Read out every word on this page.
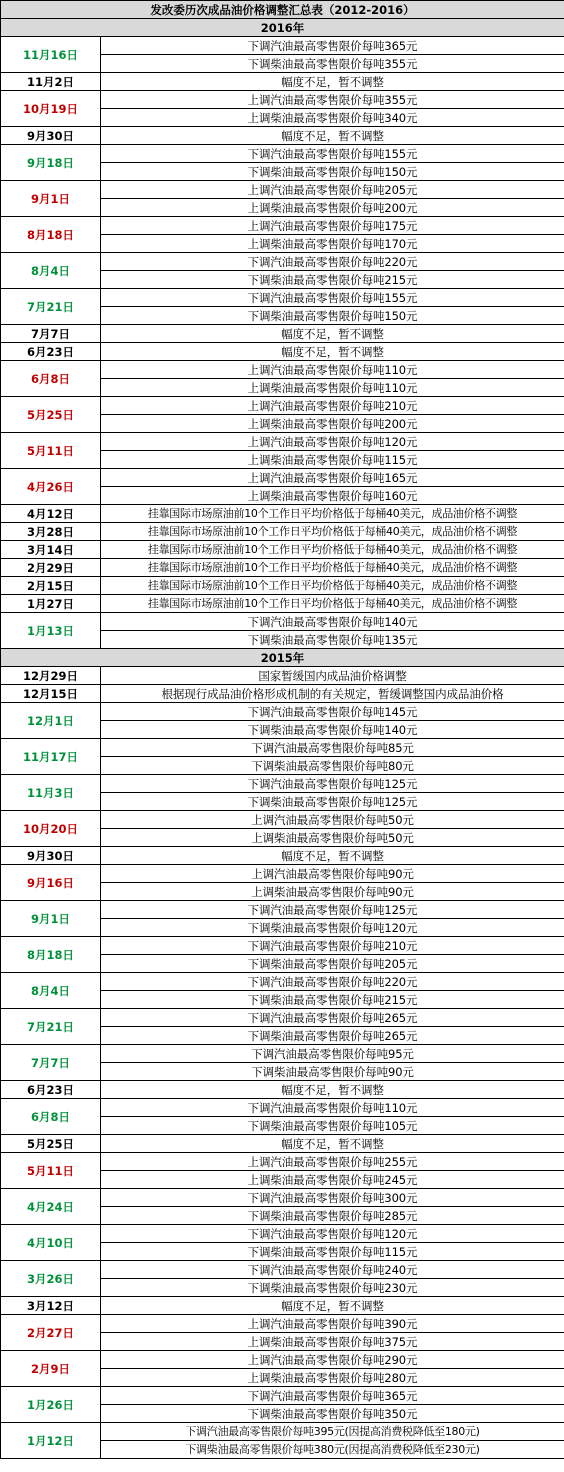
发改委历次成品油价格调整汇总表（2012-2016）	
2016年	
11月16日	下调汽油最高零售限价每吨365元
	下调柴油最高零售限价每吨355元
11月2日	幅度不足，暂不调整
10月19日	上调汽油最高零售限价每吨355元
	上调柴油最高零售限价每吨340元
9月30日	幅度不足，暂不调整
9月18日	下调汽油最高零售限价每吨155元
	下调柴油最高零售限价每吨150元
9月1日	上调汽油最高零售限价每吨205元
	上调柴油最高零售限价每吨200元
8月18日	上调汽油最高零售限价每吨175元
	上调柴油最高零售限价每吨170元
8月4日	下调汽油最高零售限价每吨220元
	下调柴油最高零售限价每吨215元
7月21日	下调汽油最高零售限价每吨155元
	下调柴油最高零售限价每吨150元
7月7日	幅度不足，暂不调整
6月23日	幅度不足，暂不调整
6月8日	上调汽油最高零售限价每吨110元
	上调柴油最高零售限价每吨110元
5月25日	上调汽油最高零售限价每吨210元
	上调柴油最高零售限价每吨200元
5月11日	上调汽油最高零售限价每吨120元
	上调柴油最高零售限价每吨115元
4月26日	上调汽油最高零售限价每吨165元
	上调柴油最高零售限价每吨160元
4月12日	挂靠国际市场原油前10个工作日平均价格低于每桶40美元，成品油价格不调整
3月28日	挂靠国际市场原油前10个工作日平均价格低于每桶40美元，成品油价格不调整
3月14日	挂靠国际市场原油前10个工作日平均价格低于每桶40美元，成品油价格不调整
2月29日	挂靠国际市场原油前10个工作日平均价格低于每桶40美元，成品油价格不调整
2月15日	挂靠国际市场原油前10个工作日平均价格低于每桶40美元，成品油价格不调整
1月27日	挂靠国际市场原油前10个工作日平均价格低于每桶40美元，成品油价格不调整
1月13日	下调汽油最高零售限价每吨140元
	下调柴油最高零售限价每吨135元
2015年	
12月29日	国家暂缓国内成品油价格调整
12月15日	根据现行成品油价格形成机制的有关规定，暂缓调整国内成品油价格
12月1日	下调汽油最高零售限价每吨145元
	下调柴油最高零售限价每吨140元
11月17日	下调汽油最高零售限价每吨85元
	下调柴油最高零售限价每吨80元
11月3日	下调汽油最高零售限价每吨125元
	下调柴油最高零售限价每吨125元
10月20日	上调汽油最高零售限价每吨50元
	上调柴油最高零售限价每吨50元
9月30日	幅度不足，暂不调整
9月16日	上调汽油最高零售限价每吨90元
	上调柴油最高零售限价每吨90元
9月1日	下调汽油最高零售限价每吨125元
	下调柴油最高零售限价每吨120元
8月18日	下调汽油最高零售限价每吨210元
	下调柴油最高零售限价每吨205元
8月4日	下调汽油最高零售限价每吨220元
	下调柴油最高零售限价每吨215元
7月21日	下调汽油最高零售限价每吨265元
	下调柴油最高零售限价每吨265元
7月7日	下调汽油最高零售限价每吨95元
	下调柴油最高零售限价每吨90元
6月23日	幅度不足，暂不调整
6月8日	下调汽油最高零售限价每吨110元
	下调柴油最高零售限价每吨105元
5月25日	幅度不足，暂不调整
5月11日	上调汽油最高零售限价每吨255元
	上调柴油最高零售限价每吨245元
4月24日	下调汽油最高零售限价每吨300元
	下调柴油最高零售限价每吨285元
4月10日	下调汽油最高零售限价每吨120元
	下调柴油最高零售限价每吨115元
3月26日	下调汽油最高零售限价每吨240元
	下调柴油最高零售限价每吨230元
3月12日	幅度不足，暂不调整
2月27日	上调汽油最高零售限价每吨390元
	上调柴油最高零售限价每吨375元
2月9日	上调汽油最高零售限价每吨290元
	上调柴油最高零售限价每吨280元
1月26日	下调汽油最高零售限价每吨365元
	下调柴油最高零售限价每吨350元
1月12日	下调汽油最高零售限价每吨395元(因提高消费税降低至180元)
	下调柴油最高零售限价每吨380元(因提高消费税降低至230元)
